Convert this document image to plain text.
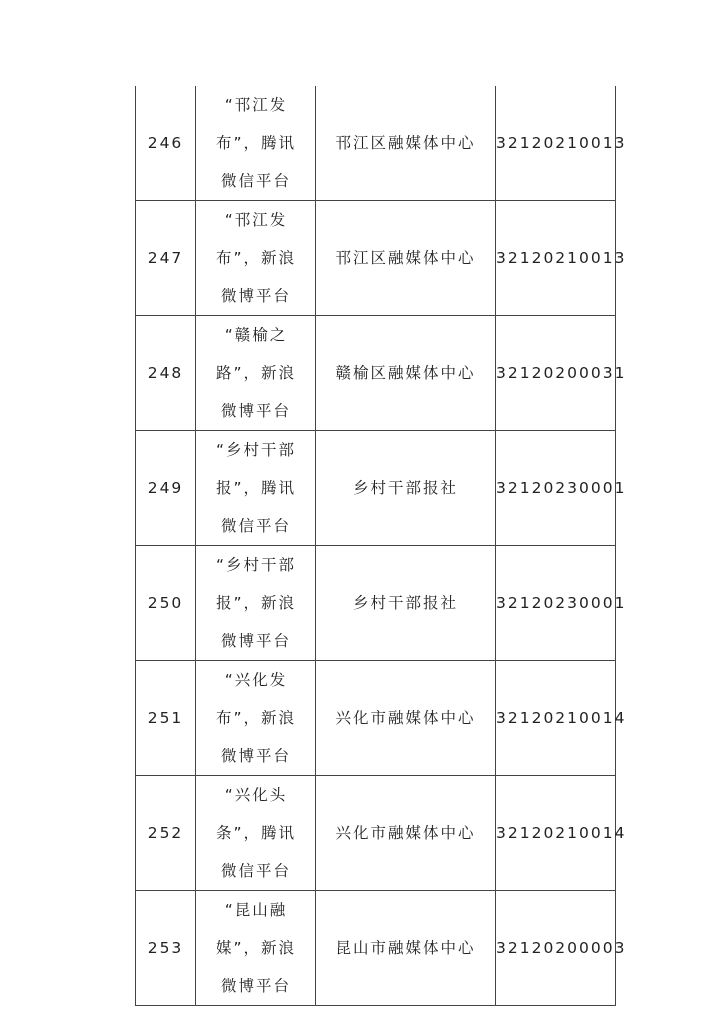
246	“邗江发布”，腾讯微信平台	邗江区融媒体中心	32120210013
247	“邗江发布”，新浪微博平台	邗江区融媒体中心	32120210013
248	“赣榆之路”，新浪微博平台	赣榆区融媒体中心	32120200031
249	“乡村干部报”，腾讯微信平台	乡村干部报社	32120230001
250	“乡村干部报”，新浪微博平台	乡村干部报社	32120230001
251	“兴化发布”，新浪微博平台	兴化市融媒体中心	32120210014
252	“兴化头条”，腾讯微信平台	兴化市融媒体中心	32120210014
253	“昆山融媒”，新浪微博平台	昆山市融媒体中心	32120200003
